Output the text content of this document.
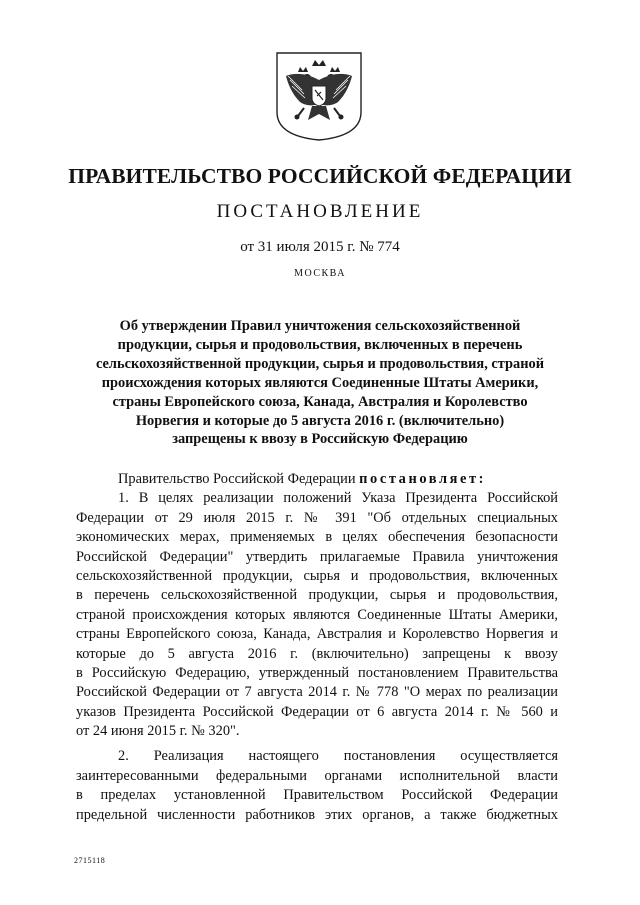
ПРАВИТЕЛЬСТВО РОССИЙСКОЙ ФЕДЕРАЦИИ
ПОСТАНОВЛЕНИЕ
от 31 июля 2015 г. № 774
МОСКВА
Об утверждении Правил уничтожения сельскохозяйственной
продукции, сырья и продовольствия, включенных в перечень
сельскохозяйственной продукции, сырья и продовольствия, страной
происхождения которых являются Соединенные Штаты Америки,
страны Европейского союза, Канада, Австралия и Королевство
Норвегия и которые до 5 августа 2016 г. (включительно)
запрещены к ввозу в Российскую Федерацию
Правительство Российской Федерации постановляет:
1. В целях реализации положений Указа Президента Российской
Федерации от 29 июля 2015 г. № 391 "Об отдельных специальных
экономических мерах, применяемых в целях обеспечения безопасности
Российской Федерации" утвердить прилагаемые Правила уничтожения
сельскохозяйственной продукции, сырья и продовольствия, включенных
в перечень сельскохозяйственной продукции, сырья и продовольствия,
страной происхождения которых являются Соединенные Штаты Америки,
страны Европейского союза, Канада, Австралия и Королевство Норвегия и
которые до 5 августа 2016 г. (включительно) запрещены к ввозу
в Российскую Федерацию, утвержденный постановлением Правительства
Российской Федерации от 7 августа 2014 г. № 778 "О мерах по реализации
указов Президента Российской Федерации от 6 августа 2014 г. № 560 и
от 24 июня 2015 г. № 320".
2. Реализация настоящего постановления осуществляется
заинтересованными федеральными органами исполнительной власти
в пределах установленной Правительством Российской Федерации
предельной численности работников этих органов, а также бюджетных
2715118
